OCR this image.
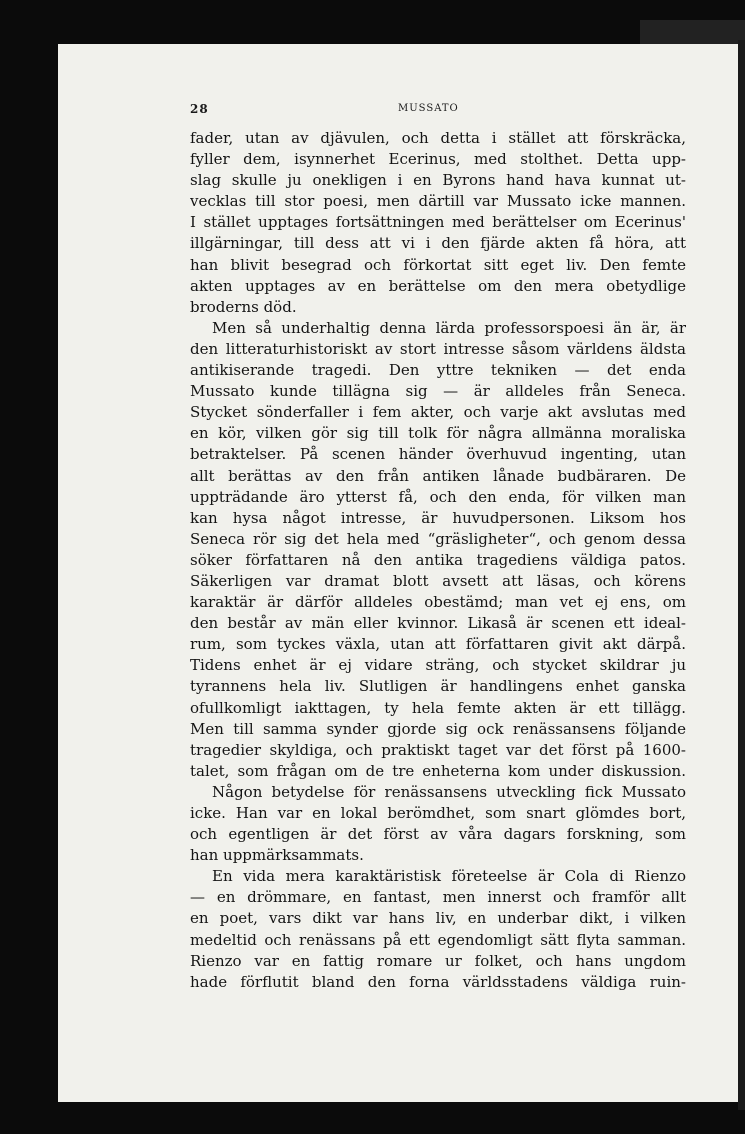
28	MUSSATO
fader, utan av djävulen, och detta i stället att förskräcka,
fyller dem, isynnerhet Ecerinus, med stolthet. Detta upp-
slag skulle ju onekligen i en Byrons hand hava kunnat ut-
vecklas till stor poesi, men därtill var Mussato icke mannen.
I stället upptages fortsättningen med berättelser om Ecerinus'
illgärningar, till dess att vi i den fjärde akten få höra, att
han blivit besegrad och förkortat sitt eget liv. Den femte
akten upptages av en berättelse om den mera obetydlige
broderns död.
Men så underhaltig denna lärda professorspoesi än är, är
den litteraturhistoriskt av stort intresse såsom världens äldsta
antikiserande tragedi. Den yttre tekniken — det enda
Mussato kunde tillägna sig — är alldeles från Seneca.
Stycket sönderfaller i fem akter, och varje akt avslutas med
en kör, vilken gör sig till tolk för några allmänna moraliska
betraktelser. På scenen händer överhuvud ingenting, utan
allt berättas av den från antiken lånade budbäraren. De
uppträdande äro ytterst få, och den enda, för vilken man
kan hysa något intresse, är huvudpersonen. Liksom hos
Seneca rör sig det hela med “gräsligheter“, och genom dessa
söker författaren nå den antika tragediens väldiga patos.
Säkerligen var dramat blott avsett att läsas, och körens
karaktär är därför alldeles obestämd; man vet ej ens, om
den består av män eller kvinnor. Likaså är scenen ett ideal-
rum, som tyckes växla, utan att författaren givit akt därpå.
Tidens enhet är ej vidare sträng, och stycket skildrar ju
tyrannens hela liv. Slutligen är handlingens enhet ganska
ofullkomligt iakttagen, ty hela femte akten är ett tillägg.
Men till samma synder gjorde sig ock renässansens följande
tragedier skyldiga, och praktiskt taget var det först på 1600-
talet, som frågan om de tre enheterna kom under diskussion.
Någon betydelse för renässansens utveckling fick Mussato
icke. Han var en lokal berömdhet, som snart glömdes bort,
och egentligen är det först av våra dagars forskning, som
han uppmärksammats.
En vida mera karaktäristisk företeelse är Cola di Rienzo
— en drömmare, en fantast, men innerst och framför allt
en poet, vars dikt var hans liv, en underbar dikt, i vilken
medeltid och renässans på ett egendomligt sätt flyta samman.
Rienzo var en fattig romare ur folket, och hans ungdom
hade förflutit bland den forna världsstadens väldiga ruin-
